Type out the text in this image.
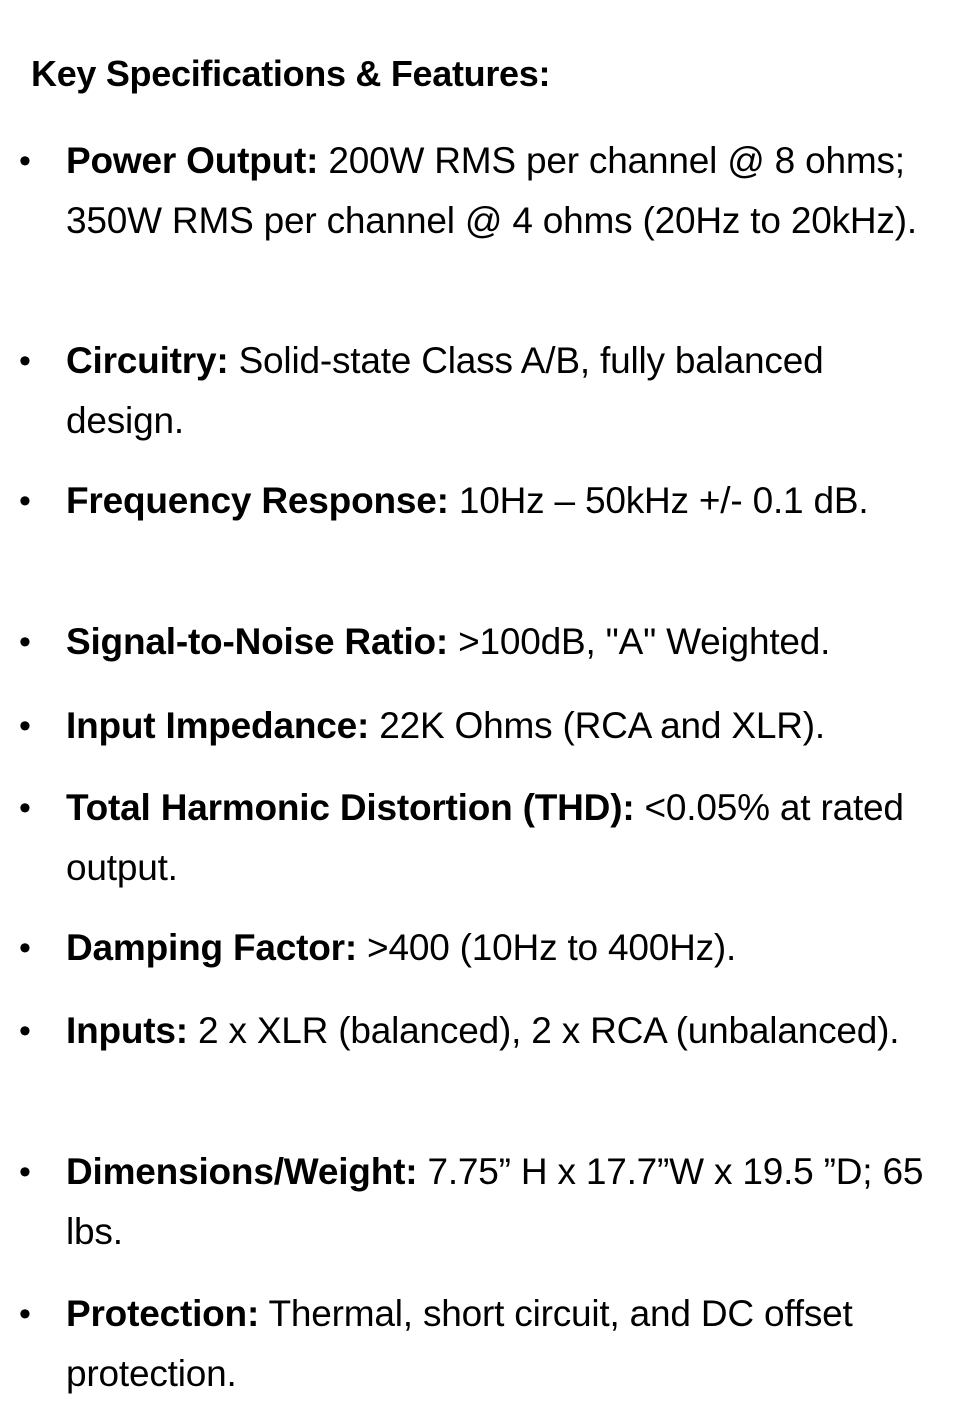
Key Specifications & Features:
• Power Output: 200W RMS per channel @ 8 ohms; 350W RMS per channel @ 4 ohms (20Hz to 20kHz).
• Circuitry: Solid-state Class A/B, fully balanced design.
• Frequency Response: 10Hz – 50kHz +/- 0.1 dB.
• Signal-to-Noise Ratio: >100dB, "A" Weighted.
• Input Impedance: 22K Ohms (RCA and XLR).
• Total Harmonic Distortion (THD): <0.05% at rated output.
• Damping Factor: >400 (10Hz to 400Hz).
• Inputs: 2 x XLR (balanced), 2 x RCA (unbalanced).
• Dimensions/Weight: 7.75” H x 17.7”W x 19.5 ”D; 65 lbs.
• Protection: Thermal, short circuit, and DC offset protection.
